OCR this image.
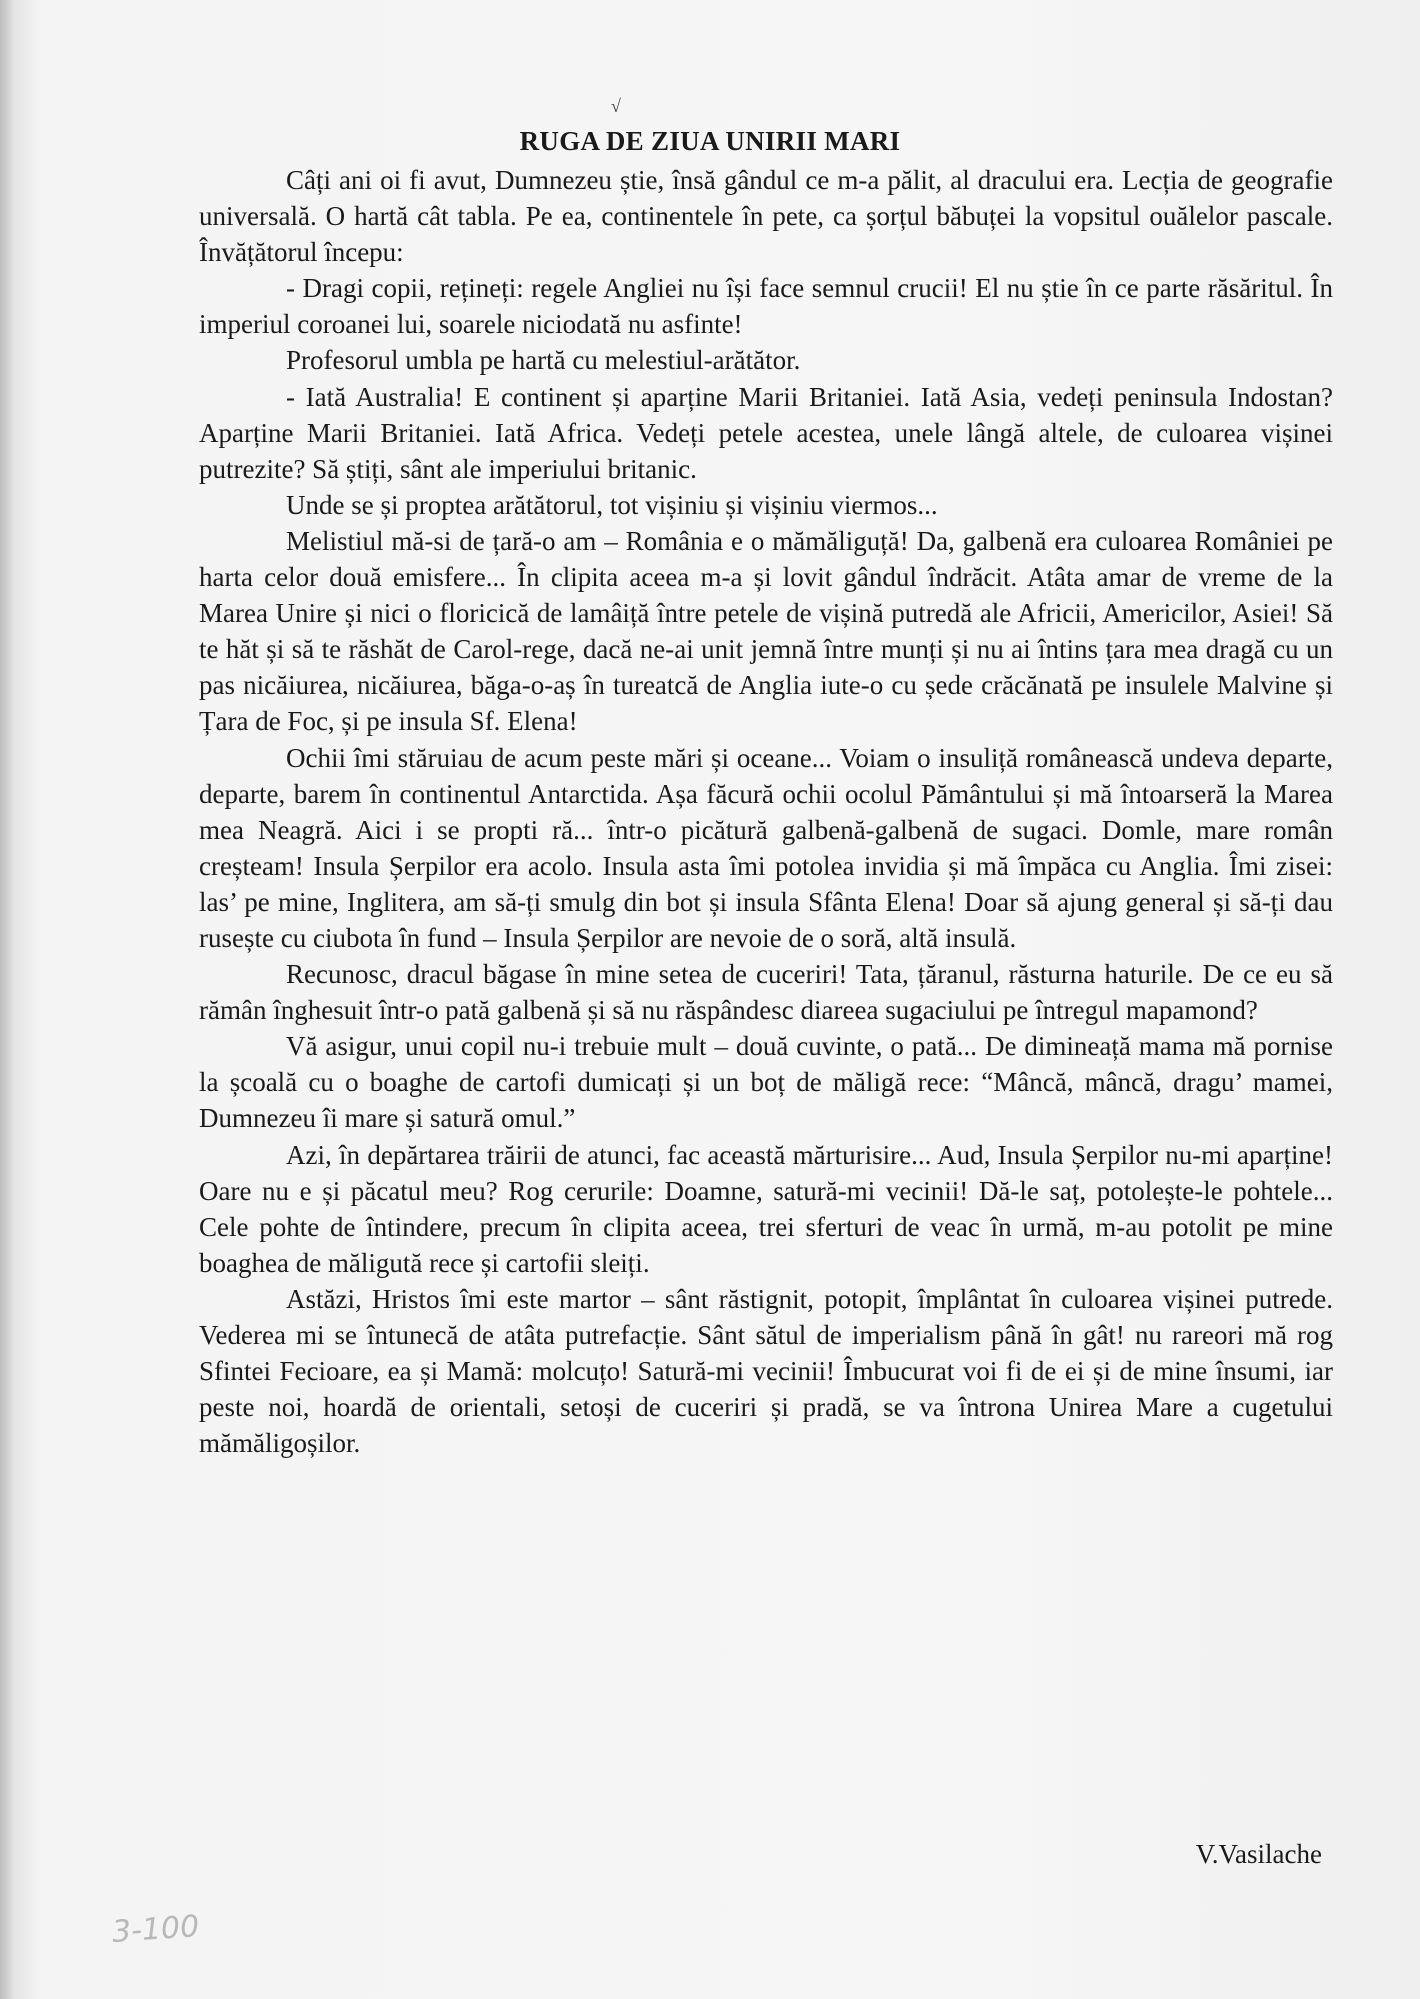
√
RUGA DE ZIUA UNIRII MARI

Câți ani oi fi avut, Dumnezeu știe, însă gândul ce m-a pălit, al dracului era. Lecția de geografie universală. O hartă cât tabla. Pe ea, continentele în pete, ca șorțul băbuței la vopsitul ouălelor pascale. Învățătorul începu:

- Dragi copii, rețineți: regele Angliei nu își face semnul crucii! El nu știe în ce parte răsăritul. În imperiul coroanei lui, soarele niciodată nu asfinte!

Profesorul umbla pe hartă cu melestiul-arătător.

- Iată Australia! E continent și aparține Marii Britaniei. Iată Asia, vedeți peninsula Indostan? Aparține Marii Britaniei. Iată Africa. Vedeți petele acestea, unele lângă altele, de culoarea vișinei putrezite? Să știți, sânt ale imperiului britanic.

Unde se și proptea arătătorul, tot vișiniu și vișiniu viermos...

Melistiul mă-si de țară-o am – România e o mămăliguță! Da, galbenă era culoarea României pe harta celor două emisfere... În clipita aceea m-a și lovit gândul îndrăcit. Atâta amar de vreme de la Marea Unire și nici o floricică de lamâiță între petele de vișină putredă ale Africii, Americilor, Asiei! Să te hăt și să te răshăt de Carol-rege, dacă ne-ai unit jemnă între munți și nu ai întins țara mea dragă cu un pas nicăiurea, nicăiurea, băga-o-aș în tureatcă de Anglia iute-o cu șede crăcănată pe insulele Malvine și Țara de Foc, și pe insula Sf. Elena!

Ochii îmi stăruiau de acum peste mări și oceane... Voiam o insuliță românească undeva departe, departe, barem în continentul Antarctida. Așa făcură ochii ocolul Pământului și mă întoarseră la Marea mea Neagră. Aici i se propti ră... într-o picătură galbenă-galbenă de sugaci. Domle, mare român creșteam! Insula Șerpilor era acolo. Insula asta îmi potolea invidia și mă împăca cu Anglia. Îmi zisei: las’ pe mine, Inglitera, am să-ți smulg din bot și insula Sfânta Elena! Doar să ajung general și să-ți dau rusește cu ciubota în fund – Insula Șerpilor are nevoie de o soră, altă insulă.

Recunosc, dracul băgase în mine setea de cuceriri! Tata, țăranul, răsturna haturile. De ce eu să rămân înghesuit într-o pată galbenă și să nu răspândesc diareea sugaciului pe întregul mapamond?

Vă asigur, unui copil nu-i trebuie mult – două cuvinte, o pată... De dimineață mama mă pornise la școală cu o boaghe de cartofi dumicați și un boț de măligă rece: “Mâncă, mâncă, dragu’ mamei, Dumnezeu îi mare și satură omul.”

Azi, în depărtarea trăirii de atunci, fac această mărturisire... Aud, Insula Șerpilor nu-mi aparține! Oare nu e și păcatul meu? Rog cerurile: Doamne, satură-mi vecinii! Dă-le saț, potolește-le pohtele... Cele pohte de întindere, precum în clipita aceea, trei sferturi de veac în urmă, m-au potolit pe mine boaghea de măligută rece și cartofii sleiți.

Astăzi, Hristos îmi este martor – sânt răstignit, potopit, împlântat în culoarea vișinei putrede. Vederea mi se întunecă de atâta putrefacție. Sânt sătul de imperialism până în gât! nu rareori mă rog Sfintei Fecioare, ea și Mamă: molcuțo! Satură-mi vecinii! Îmbucurat voi fi de ei și de mine însumi, iar peste noi, hoardă de orientali, setoși de cuceriri și pradă, se va întrona Unirea Mare a cugetului mămăligoșilor.

V.Vasilache

3-100
